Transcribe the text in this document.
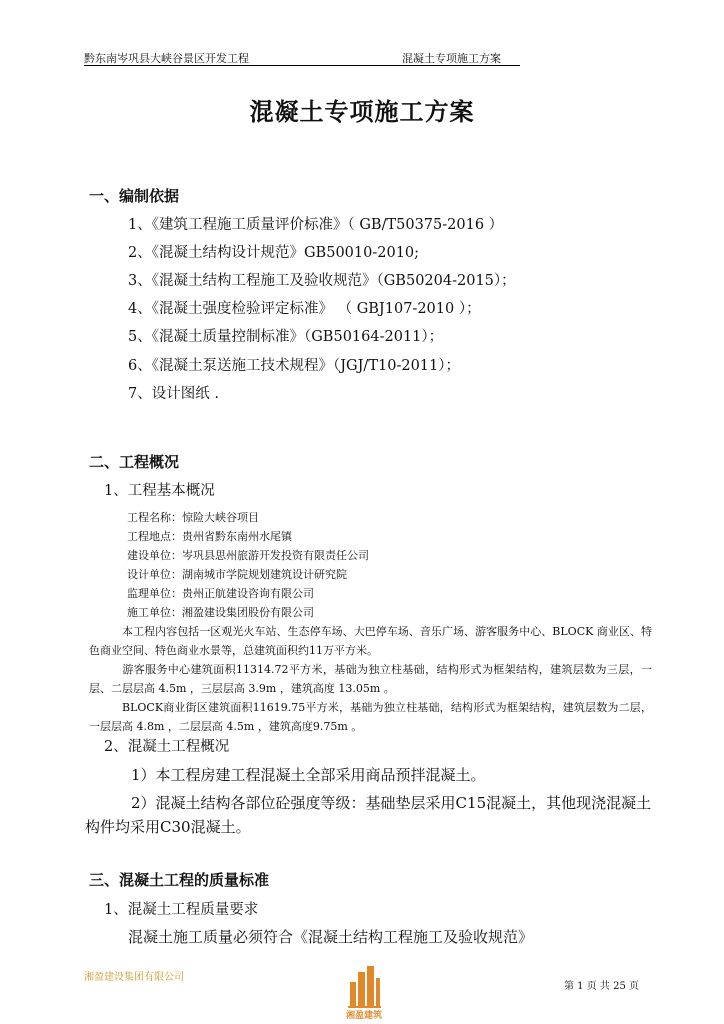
黔东南岑巩县大峡谷景区开发工程	混凝土专项施工方案
混凝土专项施工方案
一、编制依据
1、《建筑工程施工质量评价标准》（ GB/T50375-2016 ）
2、《混凝土结构设计规范》GB50010-2010;
3、《混凝土结构工程施工及验收规范》（GB50204-2015）；
4、《混凝土强度检验评定标准》 （ GBJ107-2010 ）；
5、《混凝土质量控制标准》（GB50164-2011）；
6、《混凝土泵送施工技术规程》（JGJ/T10-2011）；
7、设计图纸 .
二、工程概况
1、工程基本概况
工程名称：惊险大峡谷项目
工程地点：贵州省黔东南州水尾镇
建设单位：岑巩县思州旅游开发投资有限责任公司
设计单位：湖南城市学院规划建筑设计研究院
监理单位：贵州正航建设咨询有限公司
施工单位：湘盈建设集团股份有限公司
本工程内容包括一区观光火车站、生态停车场、大巴停车场、音乐广场、游客服务中心、BLOCK 商业区、特色商业空间、特色商业水景等，总建筑面积约11万平方米。
游客服务中心建筑面积11314.72平方米，基础为独立柱基础，结构形式为框架结构，建筑层数为三层，一层、二层层高 4.5m ，三层层高 3.9m ，建筑高度 13.05m 。
BLOCK商业街区建筑面积11619.75平方米，基础为独立柱基础，结构形式为框架结构，建筑层数为二层，一层层高 4.8m ，二层层高 4.5m ，建筑高度9.75m 。
2、混凝土工程概况
1）本工程房建工程混凝土全部采用商品预拌混凝土。
2）混凝土结构各部位砼强度等级：基础垫层采用C15混凝土，其他现浇混凝土构件均采用C30混凝土。
三、混凝土工程的质量标准
1、混凝土工程质量要求
混凝土施工质量必须符合《混凝土结构工程施工及验收规范》
湘盈建设集团有限公司
湘盈建筑
第 1 页 共 25 页
